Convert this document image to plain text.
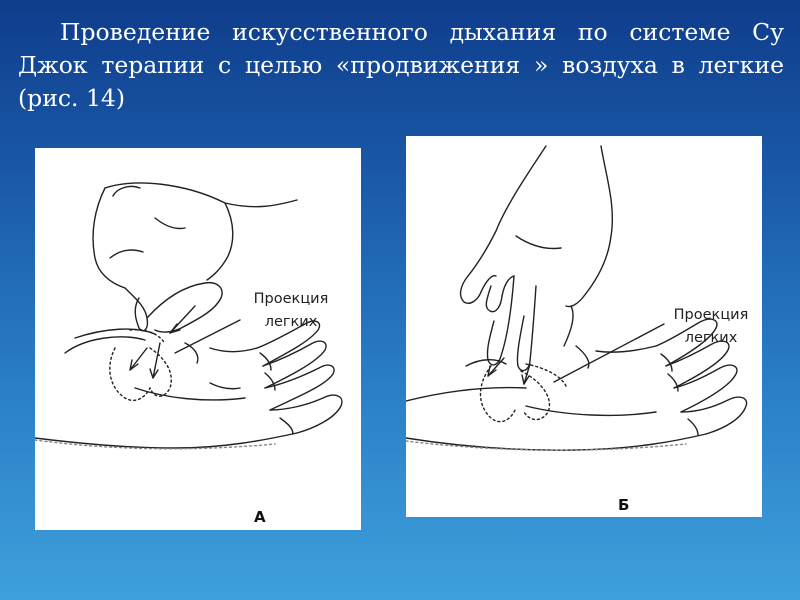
Проведениe искусственного дыхания по системе Су Джок терапии с целью «продвижения » воздуха в легкие (рис. 14)

Проекция
легких
А
Проекция
легких
Б
